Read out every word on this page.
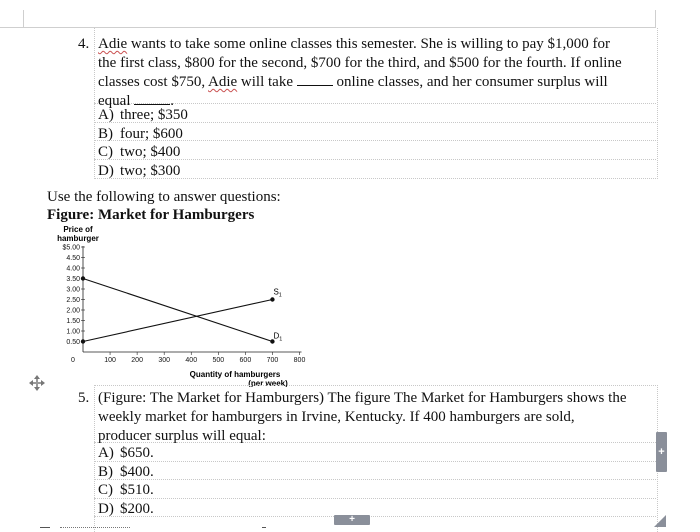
4. Adie wants to take some online classes this semester. She is willing to pay $1,000 for
the first class, $800 for the second, $700 for the third, and $500 for the fourth. If online
classes cost $750, Adie will take	online classes, and her consumer surplus will
equal	.
A) three; $350
B) four; $600
C) two; $400
D) two; $300
Use the following to answer questions:
Figure: Market for Hamburgers
Price of
hamburger
$5.00
4.50
4.00
3.50
3.00
2.50
2.00
1.50
1.00
0.50
0	100 200 300 400 500 600 700 800
$D_1$
$S_1$
Quantity of hamburgers
(per week)
5. (Figure: The Market for Hamburgers) The figure The Market for Hamburgers shows the
weekly market for hamburgers in Irvine, Kentucky. If 400 hamburgers are sold,
producer surplus will equal:
A) $650.
B) $400.
C) $510.
D) $200.
+
+
